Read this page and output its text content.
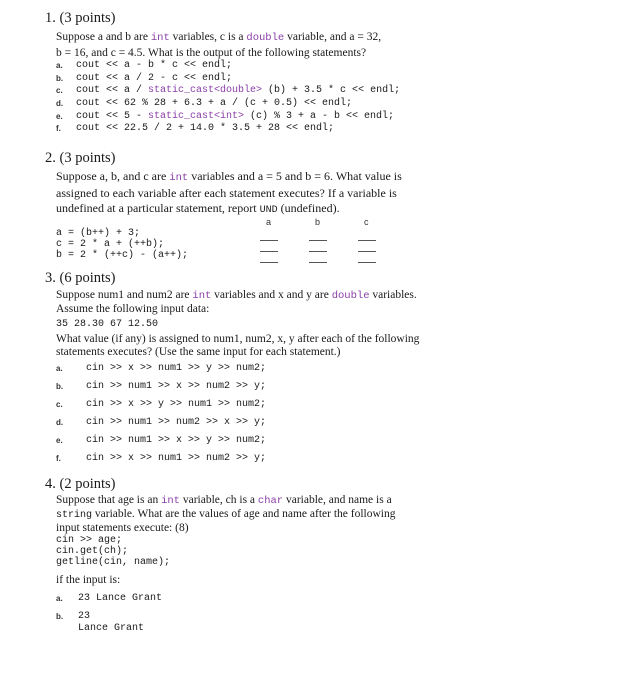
1. (3 points)
Suppose a and b are int variables, c is a double variable, and a = 32,
b = 16, and c = 4.5. What is the output of the following statements?
a.	cout << a - b * c << endl;
b.	cout << a / 2 - c << endl;
c.	cout << a / static_cast<double> (b) + 3.5 * c << endl;
d.	cout << 62 % 28 + 6.3 + a / (c + 0.5) << endl;
e.	cout << 5 - static_cast<int> (c) % 3 + a - b << endl;
f.	cout << 22.5 / 2 + 14.0 * 3.5 + 28 << endl;
2. (3 points)
Suppose a, b, and c are int variables and a = 5 and b = 6. What value is
assigned to each variable after each statement executes? If a variable is
undefined at a particular statement, report UND (undefined).
a	b	c
a = (b++) + 3;
c = 2 * a + (++b);
b = 2 * (++c) - (a++);
3. (6 points)
Suppose num1 and num2 are int variables and x and y are double variables.
Assume the following input data:
35 28.30 67 12.50
What value (if any) is assigned to num1, num2, x, y after each of the following
statements executes? (Use the same input for each statement.)
a.	cin >> x >> num1 >> y >> num2;
b.	cin >> num1 >> x >> num2 >> y;
c.	cin >> x >> y >> num1 >> num2;
d.	cin >> num1 >> num2 >> x >> y;
e.	cin >> num1 >> x >> y >> num2;
f.	cin >> x >> num1 >> num2 >> y;
4. (2 points)
Suppose that age is an int variable, ch is a char variable, and name is a
string variable. What are the values of age and name after the following
input statements execute: (8)
cin >> age;
cin.get(ch);
getline(cin, name);
if the input is:
a.	23 Lance Grant
b.	23
Lance Grant
